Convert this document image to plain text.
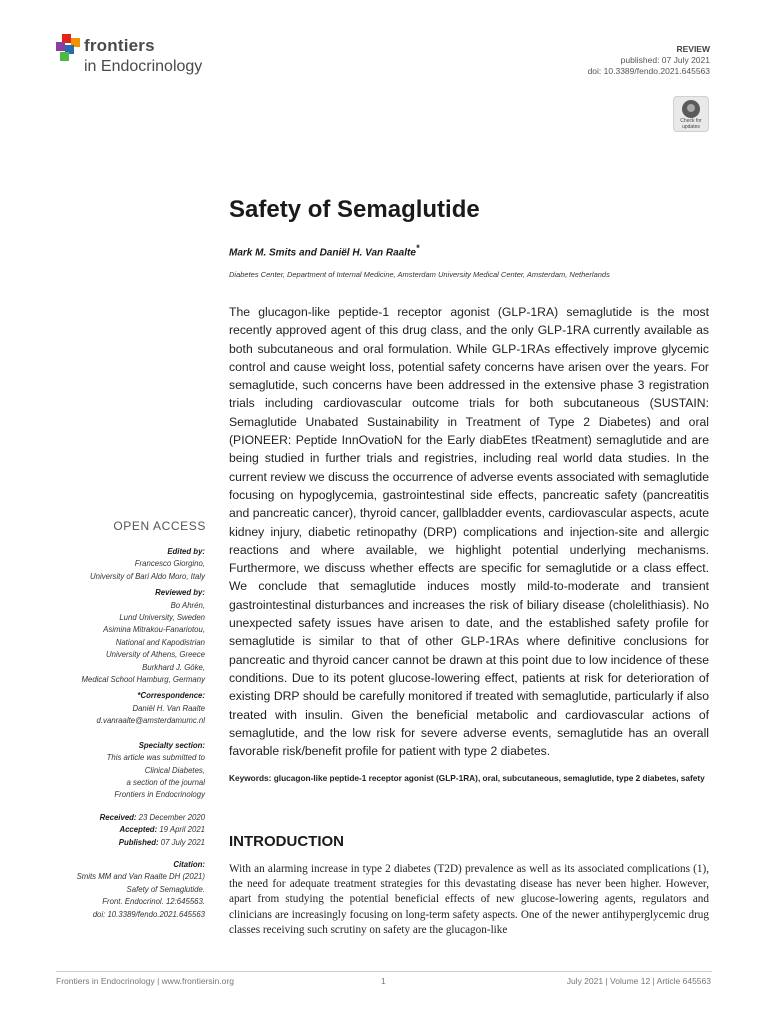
frontiers
in Endocrinology
REVIEW
published: 07 July 2021
doi: 10.3389/fendo.2021.645563
Check for
updates
Safety of Semaglutide
Mark M. Smits and Daniël H. Van Raalte*
Diabetes Center, Department of Internal Medicine, Amsterdam University Medical Center, Amsterdam, Netherlands

The glucagon-like peptide-1 receptor agonist (GLP-1RA) semaglutide is the most recently approved agent of this drug class, and the only GLP-1RA currently available as both subcutaneous and oral formulation. While GLP-1RAs effectively improve glycemic control and cause weight loss, potential safety concerns have arisen over the years. For semaglutide, such concerns have been addressed in the extensive phase 3 registration trials including cardiovascular outcome trials for both subcutaneous (SUSTAIN: Semaglutide Unabated Sustainability in Treatment of Type 2 Diabetes) and oral (PIONEER: Peptide InnOvatioN for the Early diabEtes tReatment) semaglutide and are being studied in further trials and registries, including real world data studies. In the current review we discuss the occurrence of adverse events associated with semaglutide focusing on hypoglycemia, gastrointestinal side effects, pancreatic safety (pancreatitis and pancreatic cancer), thyroid cancer, gallbladder events, cardiovascular aspects, acute kidney injury, diabetic retinopathy (DRP) complications and injection-site and allergic reactions and where available, we highlight potential underlying mechanisms. Furthermore, we discuss whether effects are specific for semaglutide or a class effect. We conclude that semaglutide induces mostly mild-to-moderate and transient gastrointestinal disturbances and increases the risk of biliary disease (cholelithiasis). No unexpected safety issues have arisen to date, and the established safety profile for semaglutide is similar to that of other GLP-1RAs where definitive conclusions for pancreatic and thyroid cancer cannot be drawn at this point due to low incidence of these conditions. Due to its potent glucose-lowering effect, patients at risk for deterioration of existing DRP should be carefully monitored if treated with semaglutide, particularly if also treated with insulin. Given the beneficial metabolic and cardiovascular actions of semaglutide, and the low risk for severe adverse events, semaglutide has an overall favorable risk/benefit profile for patient with type 2 diabetes.

Keywords: glucagon-like peptide-1 receptor agonist (GLP-1RA), oral, subcutaneous, semaglutide, type 2 diabetes, safety

INTRODUCTION

With an alarming increase in type 2 diabetes (T2D) prevalence as well as its associated complications (1), the need for adequate treatment strategies for this devastating disease has never been higher. However, apart from studying the potential beneficial effects of new glucose-lowering agents, regulators and clinicians are increasingly focusing on long-term safety aspects. One of the newer antihyperglycemic drug classes receiving such scrutiny on safety are the glucagon-like

OPEN ACCESS
Edited by:
Francesco Giorgino,
University of Bari Aldo Moro, Italy
Reviewed by:
Bo Ahrén,
Lund University, Sweden
Asimina Mitrakou-Fanariotou,
National and Kapodistrian
University of Athens, Greece
Burkhard J. Göke,
Medical School Hamburg, Germany
*Correspondence:
Daniël H. Van Raalte
d.vanraalte@amsterdamumc.nl
Specialty section:
This article was submitted to
Clinical Diabetes,
a section of the journal
Frontiers in Endocrinology
Received: 23 December 2020
Accepted: 19 April 2021
Published: 07 July 2021
Citation:
Smits MM and Van Raalte DH (2021)
Safety of Semaglutide.
Front. Endocrinol. 12:645563.
doi: 10.3389/fendo.2021.645563
Frontiers in Endocrinology | www.frontiersin.org	1	July 2021 | Volume 12 | Article 645563
